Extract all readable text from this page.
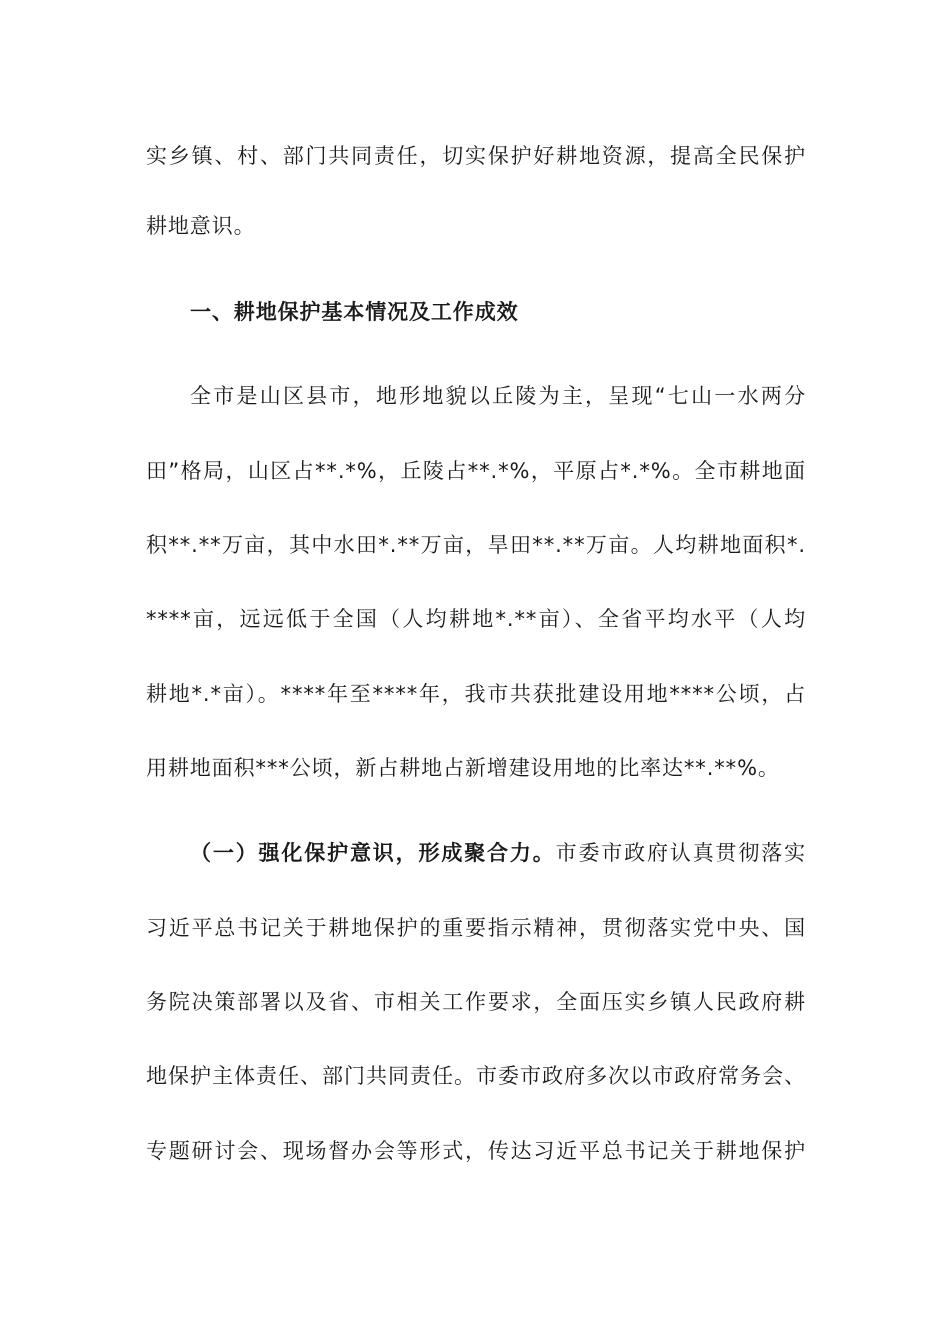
实乡镇、村、部门共同责任，切实保护好耕地资源，提高全民保护
耕地意识。
一、耕地保护基本情况及工作成效
全市是山区县市，地形地貌以丘陵为主，呈现“七山一水两分
田”格局，山区占**.*%，丘陵占**.*%，平原占*.*%。全市耕地面
积**.**万亩，其中水田*.**万亩，旱田**.**万亩。人均耕地面积*.
****亩，远远低于全国（人均耕地*.**亩）、全省平均水平（人均
耕地*.*亩）。****年至****年，我市共获批建设用地****公顷，占
用耕地面积***公顷，新占耕地占新增建设用地的比率达**.**%。
（一）强化保护意识，形成聚合力。市委市政府认真贯彻落实
习近平总书记关于耕地保护的重要指示精神，贯彻落实党中央、国
务院决策部署以及省、市相关工作要求，全面压实乡镇人民政府耕
地保护主体责任、部门共同责任。市委市政府多次以市政府常务会、
专题研讨会、现场督办会等形式，传达习近平总书记关于耕地保护
